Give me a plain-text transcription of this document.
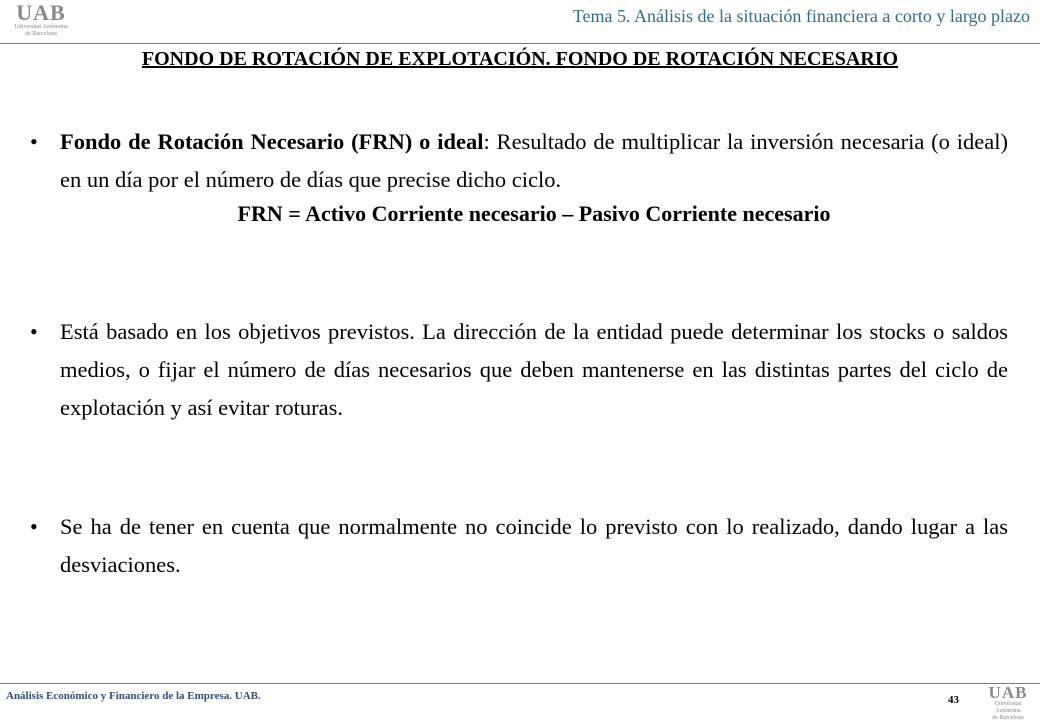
UAB
Universitat Autònoma
de Barcelona
Tema 5. Análisis de la situación financiera a corto y largo plazo
FONDO DE ROTACIÓN DE EXPLOTACIÓN. FONDO DE ROTACIÓN NECESARIO
• Fondo de Rotación Necesario (FRN) o ideal: Resultado de multiplicar la inversión necesaria (o ideal) en un día por el número de días que precise dicho ciclo.
FRN = Activo Corriente necesario – Pasivo Corriente necesario
• Está basado en los objetivos previstos. La dirección de la entidad puede determinar los stocks o saldos medios, o fijar el número de días necesarios que deben mantenerse en las distintas partes del ciclo de explotación y así evitar roturas.
• Se ha de tener en cuenta que normalmente no coincide lo previsto con lo realizado, dando lugar a las desviaciones.
Análisis Económico y Financiero de la Empresa. UAB.	43	UAB
Universitat Autònoma
de Barcelona
